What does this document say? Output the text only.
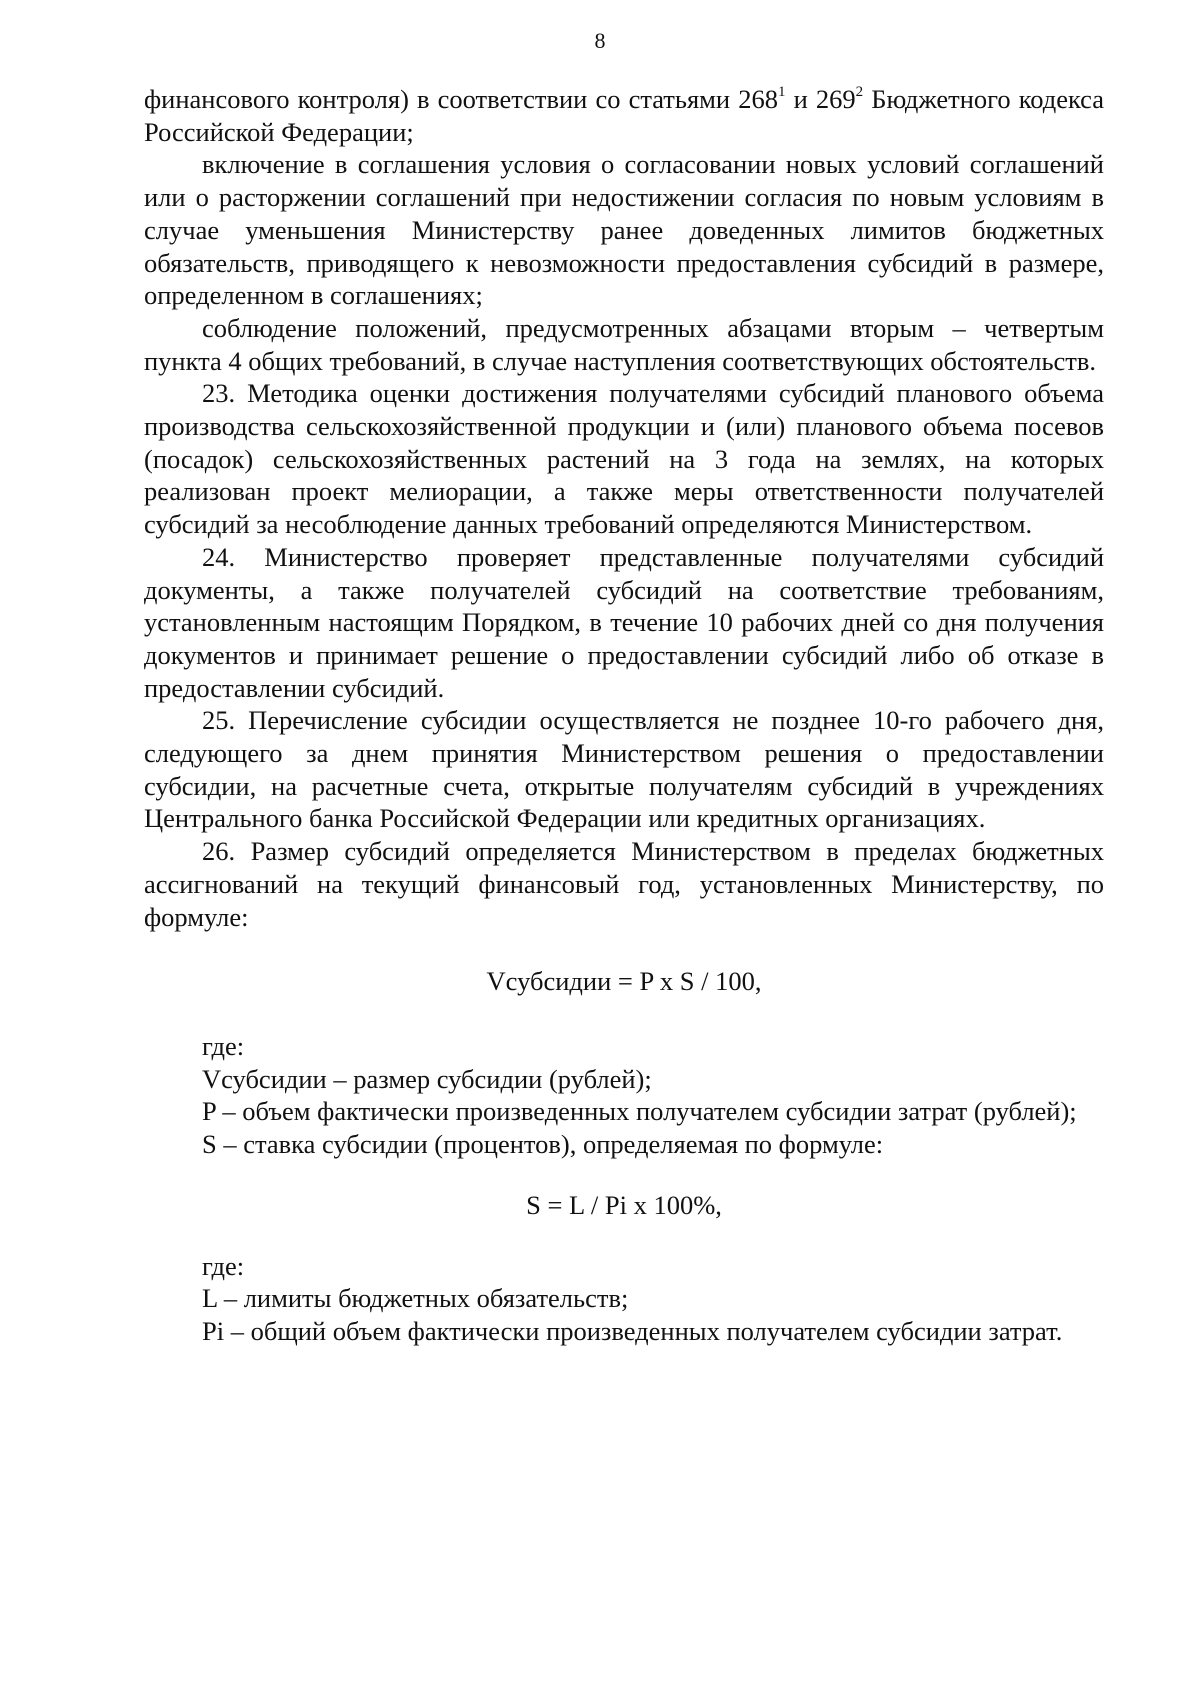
8

финансового контроля) в соответствии со статьями $268^1$ и $269^2$ Бюджетного кодекса Российской Федерации;

включение в соглашения условия о согласовании новых условий соглашений или о расторжении соглашений при недостижении согласия по новым условиям в случае уменьшения Министерству ранее доведенных лимитов бюджетных обязательств, приводящего к невозможности предоставления субсидий в размере, определенном в соглашениях;

соблюдение положений, предусмотренных абзацами вторым – четвертым пункта 4 общих требований, в случае наступления соответствующих обстоятельств.

23. Методика оценки достижения получателями субсидий планового объема производства сельскохозяйственной продукции и (или) планового объема посевов (посадок) сельскохозяйственных растений на 3 года на землях, на которых реализован проект мелиорации, а также меры ответственности получателей субсидий за несоблюдение данных требований определяются Министерством.

24. Министерство проверяет представленные получателями субсидий документы, а также получателей субсидий на соответствие требованиям, установленным настоящим Порядком, в течение 10 рабочих дней со дня получения документов и принимает решение о предоставлении субсидий либо об отказе в предоставлении субсидий.

25. Перечисление субсидии осуществляется не позднее 10-го рабочего дня, следующего за днем принятия Министерством решения о предоставлении субсидии, на расчетные счета, открытые получателям субсидий в учреждениях Центрального банка Российской Федерации или кредитных организациях.

26. Размер субсидий определяется Министерством в пределах бюджетных ассигнований на текущий финансовый год, установленных Министерству, по формуле:

Vсубсидии = P x S / 100,

где:

Vсубсидии – размер субсидии (рублей);

P – объем фактически произведенных получателем субсидии затрат (рублей);

S – ставка субсидии (процентов), определяемая по формуле:

S = L / Pi x 100%,

где:

L – лимиты бюджетных обязательств;

Pi – общий объем фактически произведенных получателем субсидии затрат.
